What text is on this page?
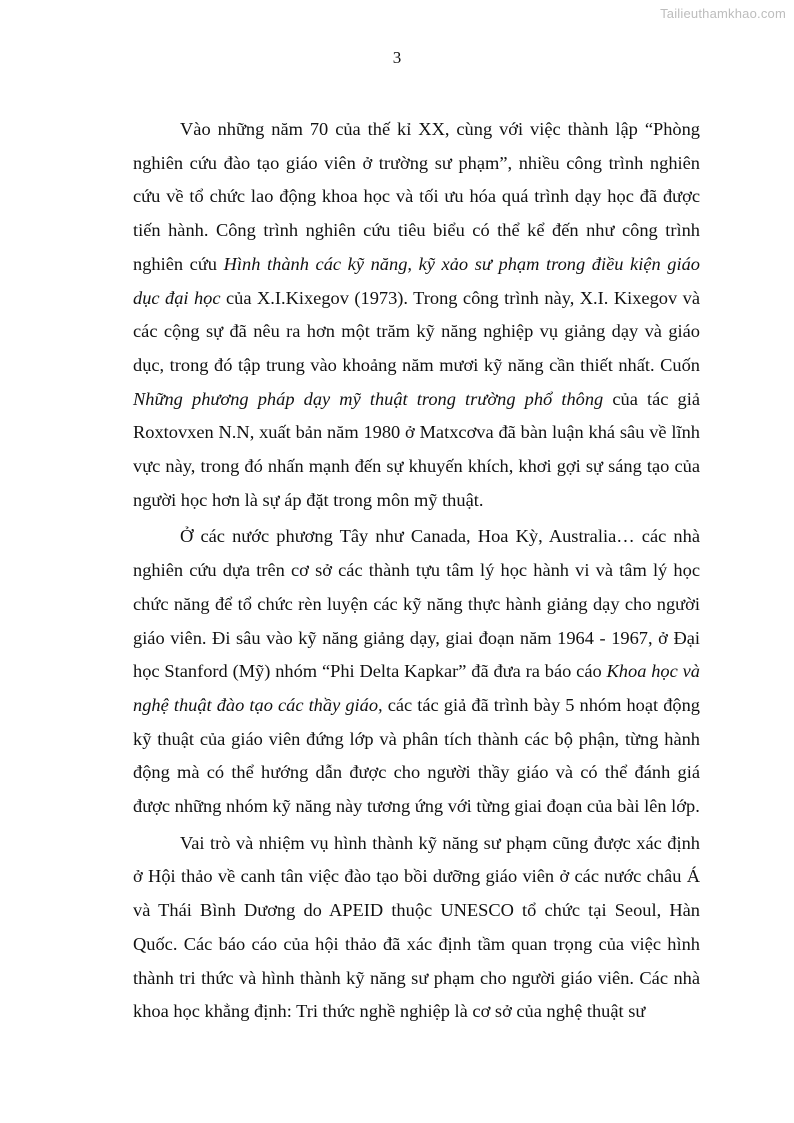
Tailieuthamkhao.com
3

Vào những năm 70 của thế kỉ XX, cùng với việc thành lập “Phòng nghiên cứu đào tạo giáo viên ở trường sư phạm”, nhiều công trình nghiên cứu về tổ chức lao động khoa học và tối ưu hóa quá trình dạy học đã được tiến hành. Công trình nghiên cứu tiêu biểu có thể kể đến như công trình nghiên cứu Hình thành các kỹ năng, kỹ xảo sư phạm trong điều kiện giáo dục đại học của X.I.Kixegov (1973). Trong công trình này, X.I. Kixegov và các cộng sự đã nêu ra hơn một trăm kỹ năng nghiệp vụ giảng dạy và giáo dục, trong đó tập trung vào khoảng năm mươi kỹ năng cần thiết nhất. Cuốn Những phương pháp dạy mỹ thuật trong trường phổ thông của tác giả Roxtovxen N.N, xuất bản năm 1980 ở Matxcơva đã bàn luận khá sâu về lĩnh vực này, trong đó nhấn mạnh đến sự khuyến khích, khơi gợi sự sáng tạo của người học hơn là sự áp đặt trong môn mỹ thuật.

Ở các nước phương Tây như Canada, Hoa Kỳ, Australia… các nhà nghiên cứu dựa trên cơ sở các thành tựu tâm lý học hành vi và tâm lý học chức năng để tổ chức rèn luyện các kỹ năng thực hành giảng dạy cho người giáo viên. Đi sâu vào kỹ năng giảng dạy, giai đoạn năm 1964 - 1967, ở Đại học Stanford (Mỹ) nhóm “Phi Delta Kapkar” đã đưa ra báo cáo Khoa học và nghệ thuật đào tạo các thầy giáo, các tác giả đã trình bày 5 nhóm hoạt động kỹ thuật của giáo viên đứng lớp và phân tích thành các bộ phận, từng hành động mà có thể hướng dẫn được cho người thầy giáo và có thể đánh giá được những nhóm kỹ năng này tương ứng với từng giai đoạn của bài lên lớp.

Vai trò và nhiệm vụ hình thành kỹ năng sư phạm cũng được xác định ở Hội thảo về canh tân việc đào tạo bồi dưỡng giáo viên ở các nước châu Á và Thái Bình Dương do APEID thuộc UNESCO tổ chức tại Seoul, Hàn Quốc. Các báo cáo của hội thảo đã xác định tầm quan trọng của việc hình thành tri thức và hình thành kỹ năng sư phạm cho người giáo viên. Các nhà khoa học khẳng định: Tri thức nghề nghiệp là cơ sở của nghệ thuật sư
